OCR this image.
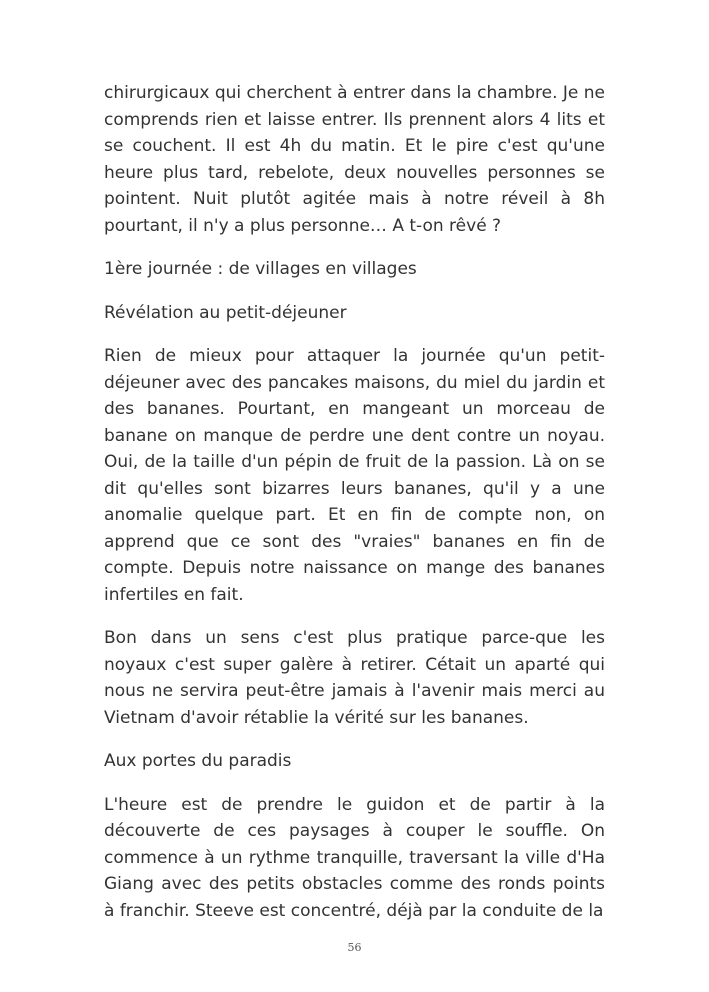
chirurgicaux qui cherchent à entrer dans la chambre. Je ne comprends rien et laisse entrer. Ils prennent alors 4 lits et se couchent. Il est 4h du matin. Et le pire c'est qu'une heure plus tard, rebelote, deux nouvelles personnes se pointent. Nuit plutôt agitée mais à notre réveil à 8h pourtant, il n'y a plus personne… A t-on rêvé ?

1ère journée : de villages en villages

Révélation au petit-déjeuner

Rien de mieux pour attaquer la journée qu'un petit-déjeuner avec des pancakes maisons, du miel du jardin et des bananes. Pourtant, en mangeant un morceau de banane on manque de perdre une dent contre un noyau. Oui, de la taille d'un pépin de fruit de la passion. Là on se dit qu'elles sont bizarres leurs bananes, qu'il y a une anomalie quelque part. Et en fin de compte non, on apprend que ce sont des "vraies" bananes en fin de compte. Depuis notre naissance on mange des bananes infertiles en fait.

Bon dans un sens c'est plus pratique parce-que les noyaux c'est super galère à retirer. Cétait un aparté qui nous ne servira peut-être jamais à l'avenir mais merci au Vietnam d'avoir rétablie la vérité sur les bananes.

Aux portes du paradis

L'heure est de prendre le guidon et de partir à la découverte de ces paysages à couper le souffle. On commence à un rythme tranquille, traversant la ville d'Ha Giang avec des petits obstacles comme des ronds points à franchir. Steeve est concentré, déjà par la conduite de la

56
